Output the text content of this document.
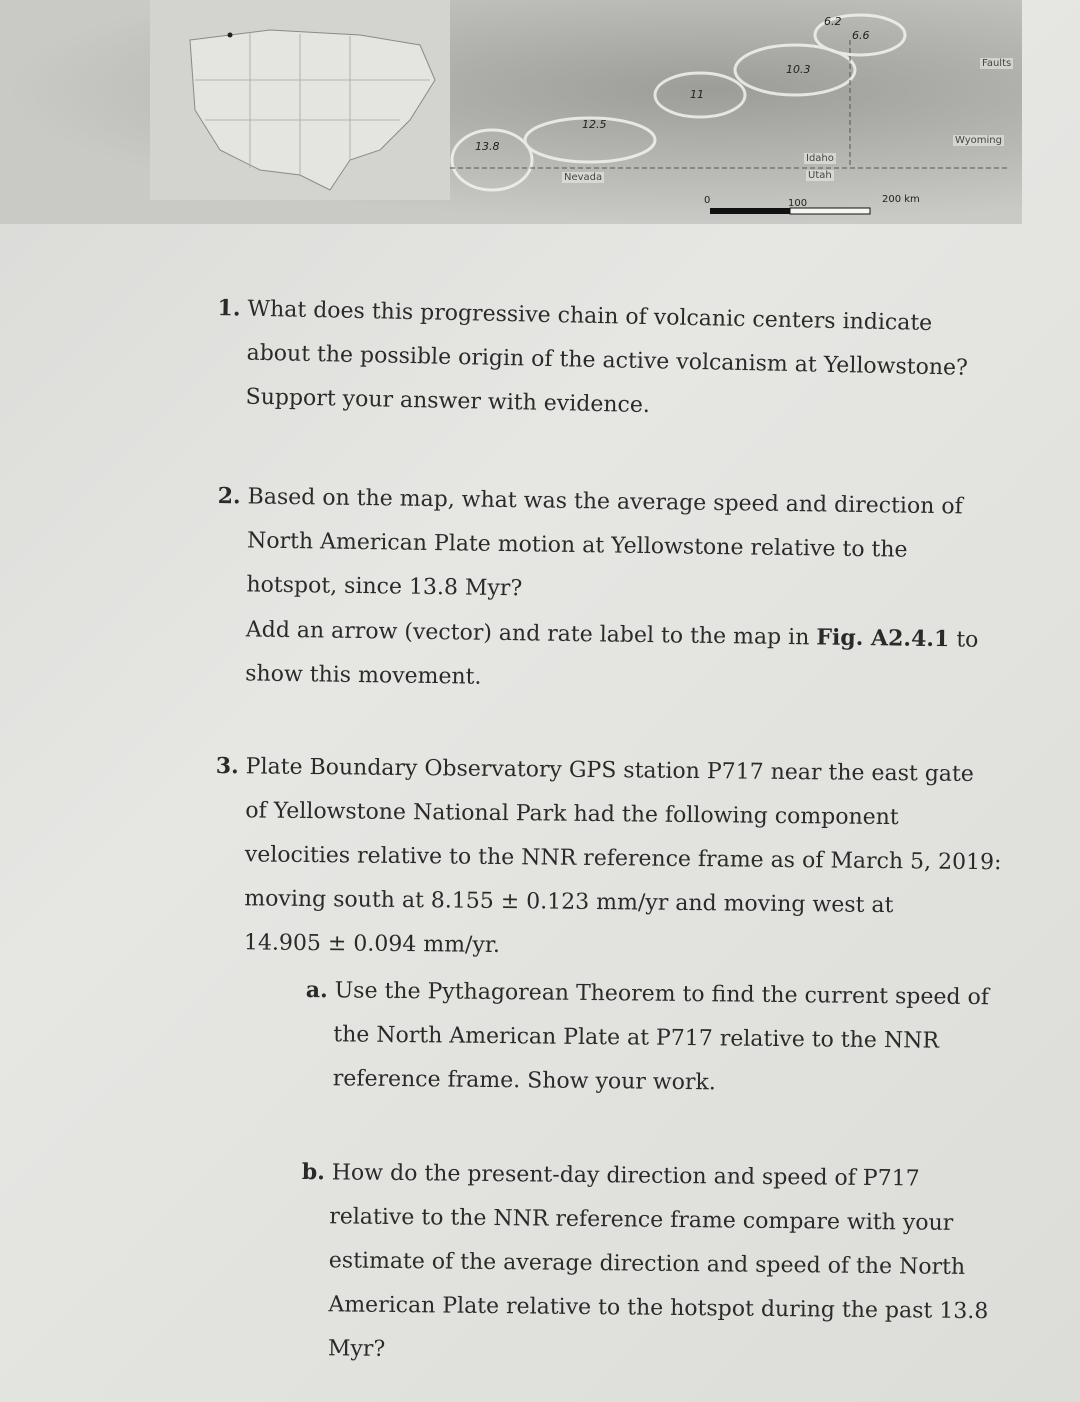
13.8
12.5
11
10.3
6.6
6.2
Nevada
Idaho
Utah
Wyoming
Faults
0	100	200 km

1. What does this progressive chain of volcanic centers indicate

about the possible origin of the active volcanism at Yellowstone?

Support your answer with evidence.

2. Based on the map, what was the average speed and direction of

North American Plate motion at Yellowstone relative to the

hotspot, since 13.8 Myr?

Add an arrow (vector) and rate label to the map in Fig. A2.4.1 to

show this movement.

3. Plate Boundary Observatory GPS station P717 near the east gate

of Yellowstone National Park had the following component

velocities relative to the NNR reference frame as of March 5, 2019:

moving south at 8.155 ± 0.123 mm/yr and moving west at

14.905 ± 0.094 mm/yr.

a. Use the Pythagorean Theorem to find the current speed of

the North American Plate at P717 relative to the NNR

reference frame. Show your work.

b. How do the present-day direction and speed of P717

relative to the NNR reference frame compare with your

estimate of the average direction and speed of the North

American Plate relative to the hotspot during the past 13.8

Myr?
